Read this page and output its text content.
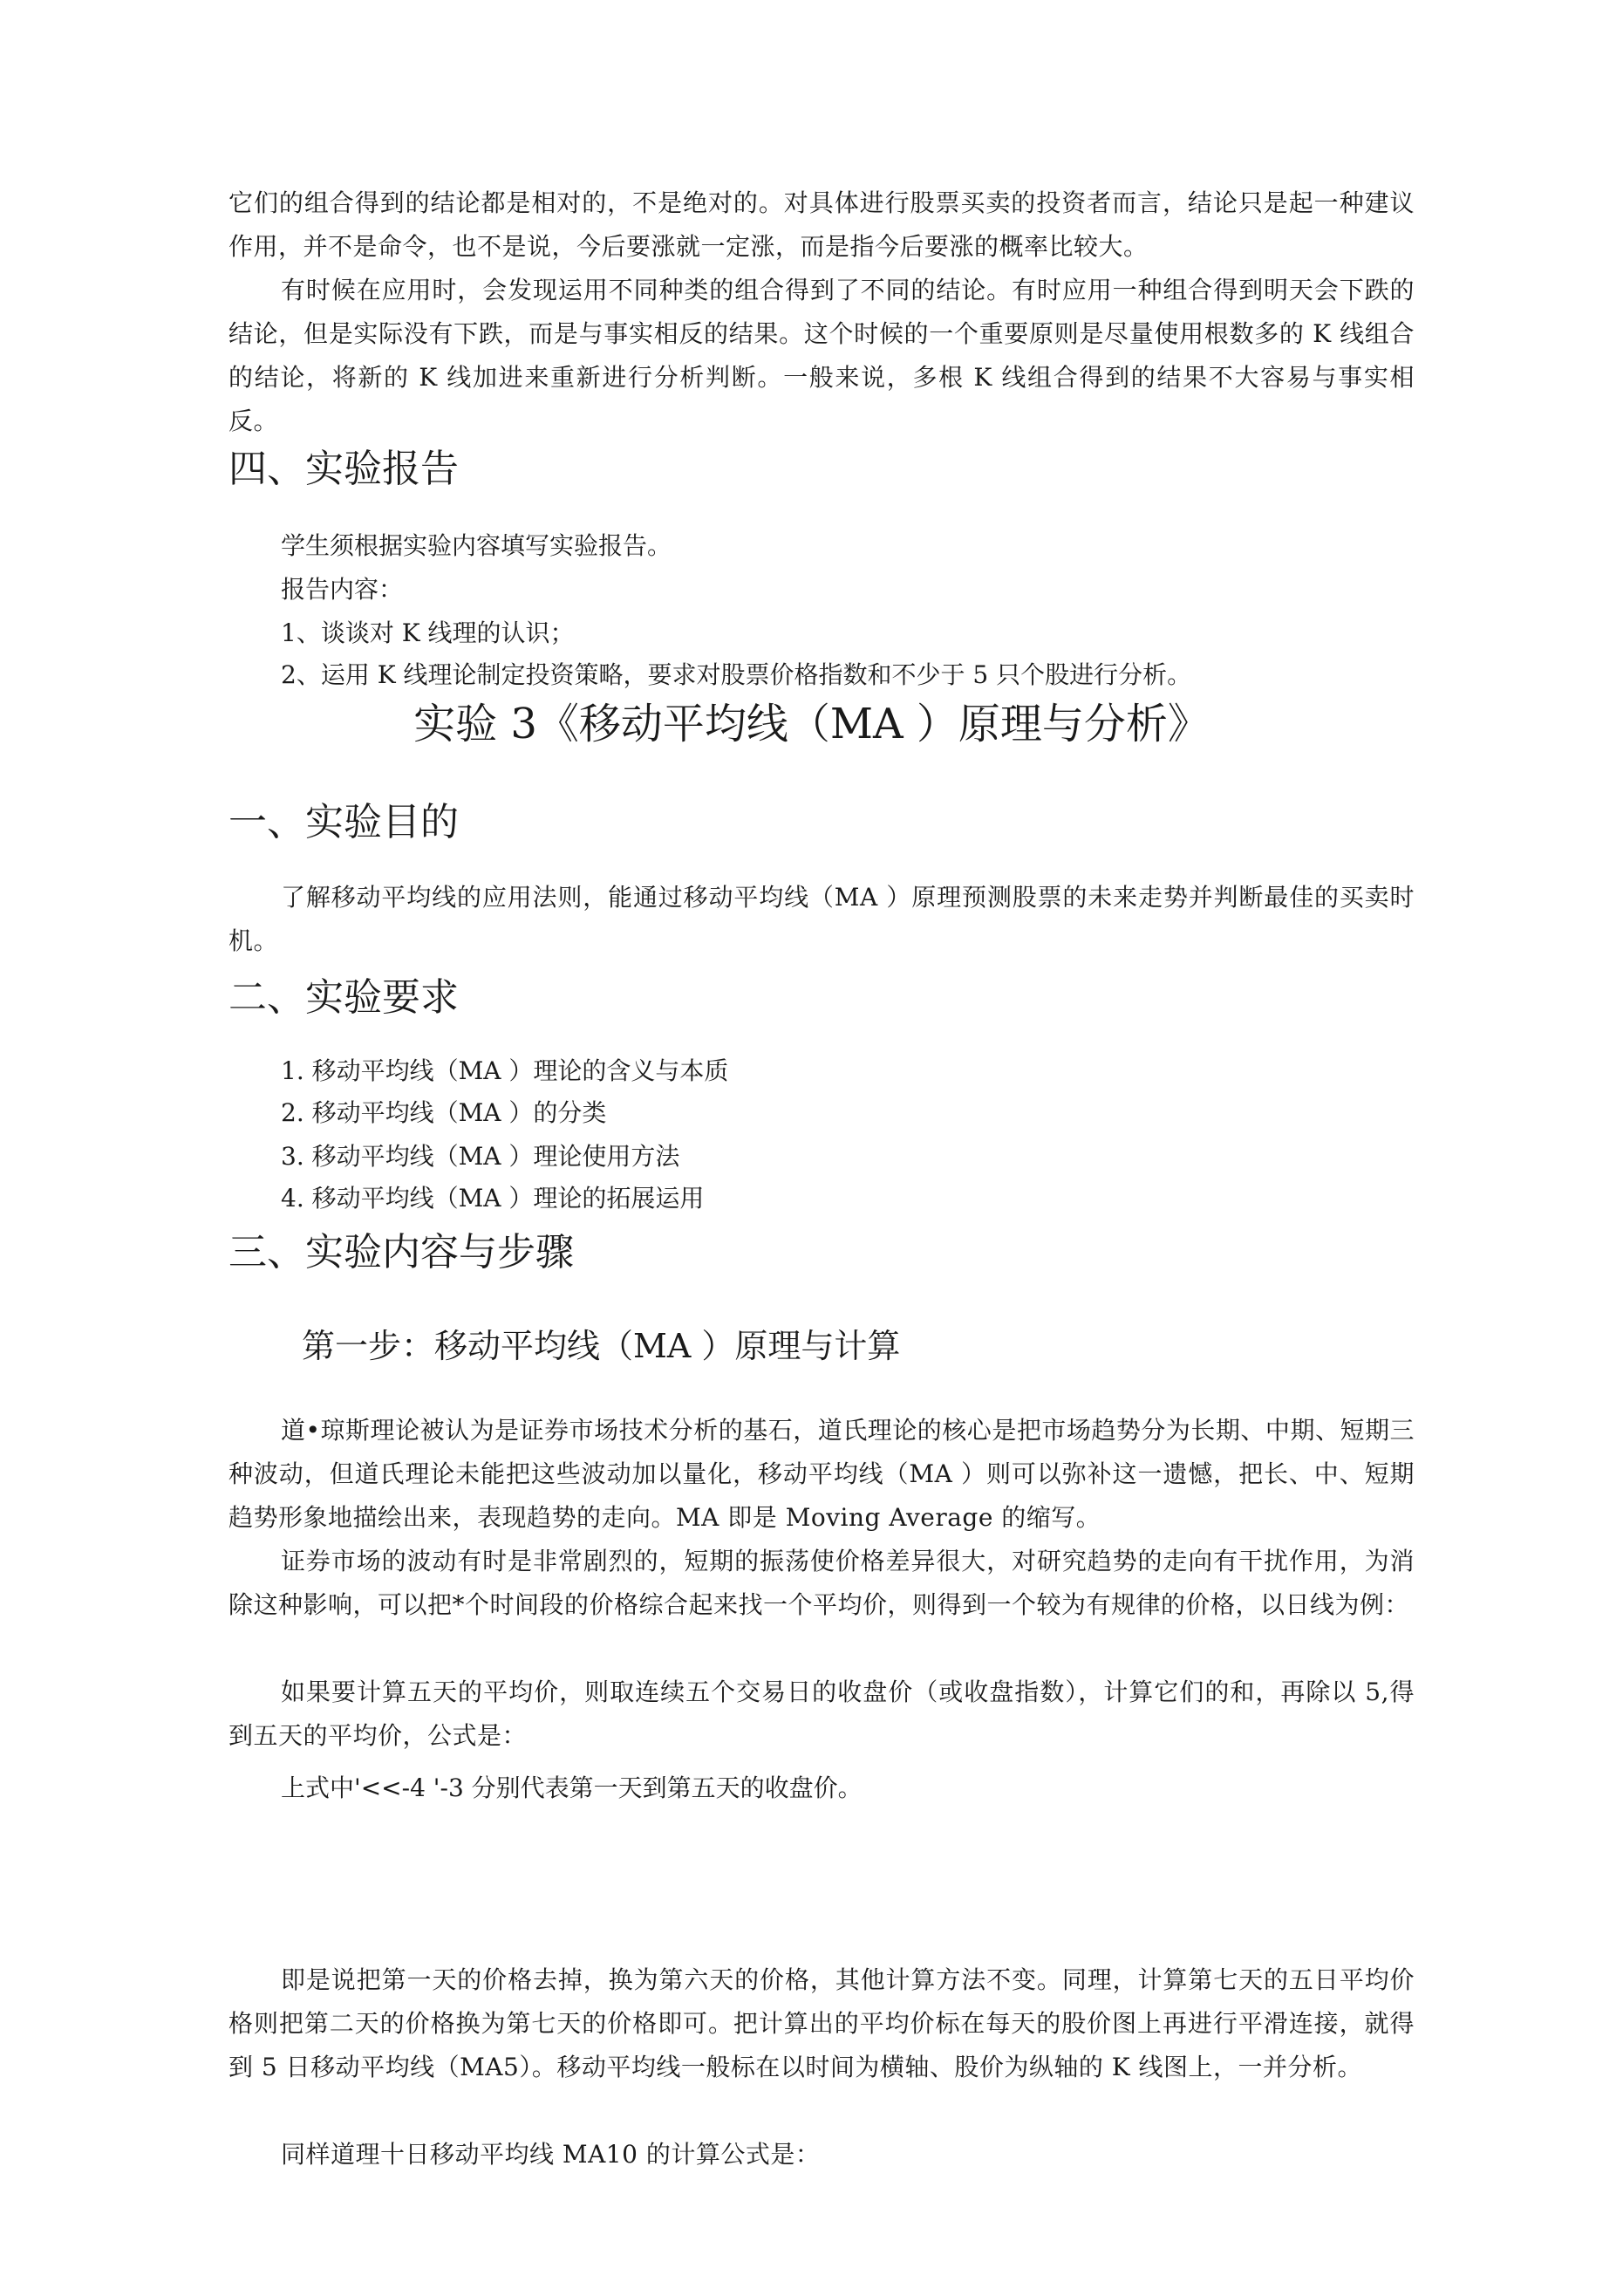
它们的组合得到的结论都是相对的，不是绝对的。对具体进行股票买卖的投资者而言，结论只是起一种建议作用，并不是命令，也不是说，今后要涨就一定涨，而是指今后要涨的概率比较大。

有时候在应用时，会发现运用不同种类的组合得到了不同的结论。有时应用一种组合得到明天会下跌的结论，但是实际没有下跌，而是与事实相反的结果。这个时候的一个重要原则是尽量使用根数多的 K 线组合的结论，将新的 K 线加进来重新进行分析判断。一般来说，多根 K 线组合得到的结果不大容易与事实相反。

四、实验报告

学生须根据实验内容填写实验报告。

报告内容：

1、谈谈对 K 线理的认识；

2、运用 K 线理论制定投资策略，要求对股票价格指数和不少于 5 只个股进行分析。

实验 3《移动平均线（MA ）原理与分析》
一、实验目的

了解移动平均线的应用法则，能通过移动平均线（MA ）原理预测股票的未来走势并判断最佳的买卖时机。

二、实验要求

1. 移动平均线（MA ）理论的含义与本质

2. 移动平均线（MA ）的分类

3. 移动平均线（MA ）理论使用方法

4. 移动平均线（MA ）理论的拓展运用

三、实验内容与步骤
第一步：移动平均线（MA ）原理与计算

道•琼斯理论被认为是证券市场技术分析的基石，道氏理论的核心是把市场趋势分为长期、中期、短期三种波动，但道氏理论未能把这些波动加以量化，移动平均线（MA ）则可以弥补这一遗憾，把长、中、短期趋势形象地描绘出来，表现趋势的走向。MA 即是 Moving Average 的缩写。

证券市场的波动有时是非常剧烈的，短期的振荡使价格差异很大，对研究趋势的走向有干扰作用，为消除这种影响，可以把*个时间段的价格综合起来找一个平均价，则得到一个较为有规律的价格，以日线为例：

如果要计算五天的平均价，则取连续五个交易日的收盘价（或收盘指数），计算它们的和，再除以 5,得到五天的平均价，公式是：

上式中'<<-4 '-3 分别代表第一天到第五天的收盘价。

即是说把第一天的价格去掉，换为第六天的价格，其他计算方法不变。同理，计算第七天的五日平均价格则把第二天的价格换为第七天的价格即可。把计算出的平均价标在每天的股价图上再进行平滑连接，就得到 5 日移动平均线（MA5）。移动平均线一般标在以时间为横轴、股价为纵轴的 K 线图上，一并分析。

同样道理十日移动平均线 MA10 的计算公式是：
